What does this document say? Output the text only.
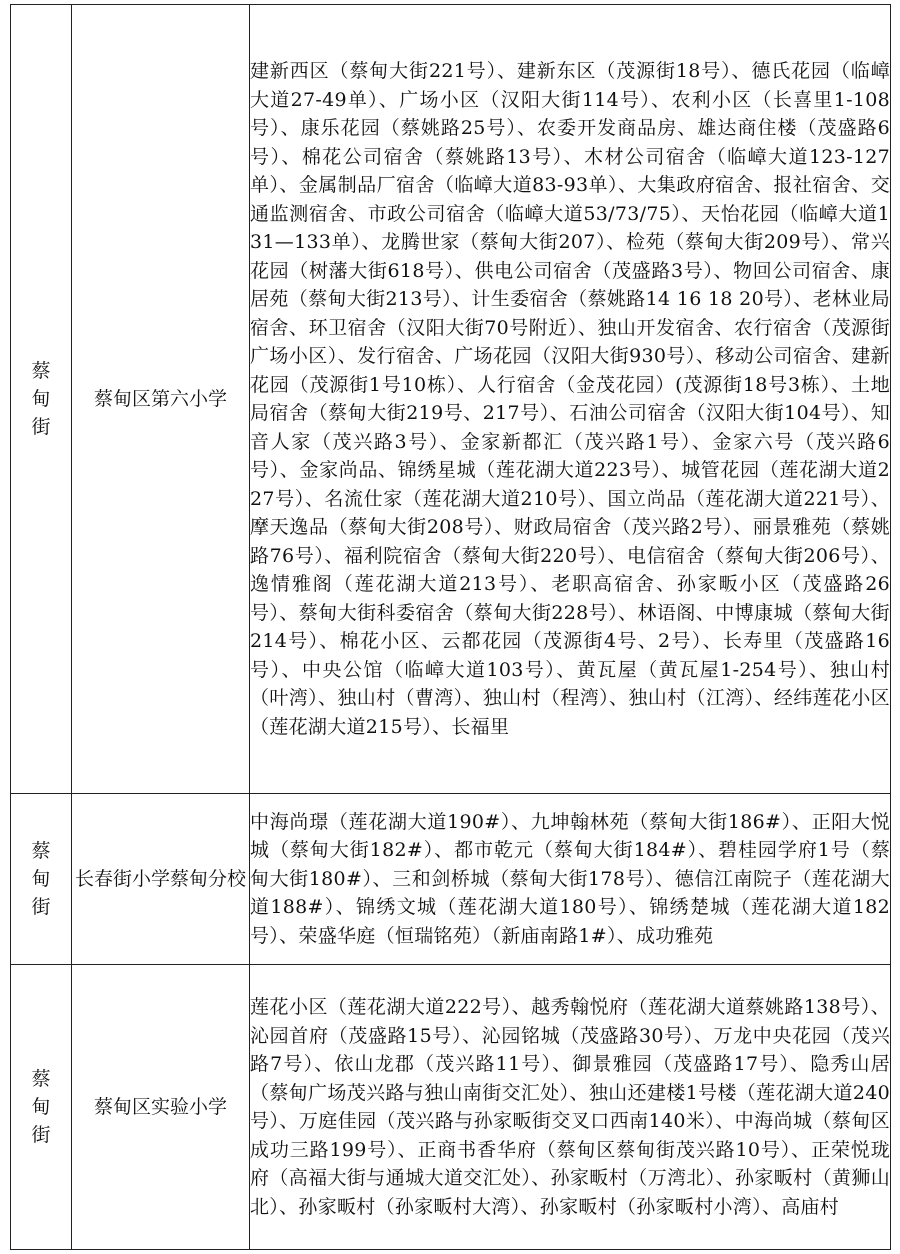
蔡甸街	蔡甸区第六小学	建新西区（蔡甸大街221号）、建新东区（茂源街18号）、德氏花园（临嶂大道27-49单）、广场小区（汉阳大街114号）、农利小区（长喜里1-108号）、康乐花园（蔡姚路25号）、农委开发商品房、雄达商住楼（茂盛路6号）、棉花公司宿舍（蔡姚路13号）、木材公司宿舍（临嶂大道123-127单）、金属制品厂宿舍（临嶂大道83-93单）、大集政府宿舍、报社宿舍、交通监测宿舍、市政公司宿舍（临嶂大道53/73/75）、天怡花园（临嶂大道131—133单）、龙腾世家（蔡甸大街207）、检苑（蔡甸大街209号）、常兴花园（树藩大街618号）、供电公司宿舍（茂盛路3号）、物回公司宿舍、康居苑（蔡甸大街213号）、计生委宿舍（蔡姚路14 16 18 20号）、老林业局宿舍、环卫宿舍（汉阳大街70号附近）、独山开发宿舍、农行宿舍（茂源街广场小区）、发行宿舍、广场花园（汉阳大街930号）、移动公司宿舍、建新花园（茂源街1号10栋）、人行宿舍（金茂花园）(茂源街18号3栋）、土地局宿舍（蔡甸大街219号、217号）、石油公司宿舍（汉阳大街104号）、知音人家（茂兴路3号）、金家新都汇（茂兴路1号）、金家六号（茂兴路6号）、金家尚品、锦绣星城（莲花湖大道223号）、城管花园（莲花湖大道227号）、名流仕家（莲花湖大道210号）、国立尚品（莲花湖大道221号）、摩天逸品（蔡甸大街208号）、财政局宿舍（茂兴路2号）、丽景雅苑（蔡姚路76号）、福利院宿舍（蔡甸大街220号）、电信宿舍（蔡甸大街206号）、逸情雅阁（莲花湖大道213号）、老职高宿舍、孙家畈小区（茂盛路26号）、蔡甸大街科委宿舍（蔡甸大街228号）、林语阁、中博康城（蔡甸大街214号）、棉花小区、云都花园（茂源街4号、2号）、长寿里（茂盛路16号）、中央公馆（临嶂大道103号）、黄瓦屋（黄瓦屋1-254号）、独山村（叶湾）、独山村（曹湾）、独山村（程湾）、独山村（江湾）、经纬莲花小区（莲花湖大道215号）、长福里
蔡甸街	长春街小学蔡甸分校	中海尚璟（莲花湖大道190#）、九坤翰林苑（蔡甸大街186#）、正阳大悦城（蔡甸大街182#）、都市乾元（蔡甸大街184#）、碧桂园学府1号（蔡甸大街180#）、三和剑桥城（蔡甸大街178号）、德信江南院子（莲花湖大道188#）、锦绣文城（莲花湖大道180号）、锦绣楚城（莲花湖大道182号）、荣盛华庭（恒瑞铭苑）（新庙南路1#）、成功雅苑
蔡甸街	蔡甸区实验小学	莲花小区（莲花湖大道222号）、越秀翰悦府（莲花湖大道蔡姚路138号）、沁园首府（茂盛路15号）、沁园铭城（茂盛路30号）、万龙中央花园（茂兴路7号）、依山龙郡（茂兴路11号）、御景雅园（茂盛路17号）、隐秀山居（蔡甸广场茂兴路与独山南街交汇处）、独山还建楼1号楼（莲花湖大道240号）、万庭佳园（茂兴路与孙家畈街交叉口西南140米）、中海尚城（蔡甸区成功三路199号）、正商书香华府（蔡甸区蔡甸街茂兴路10号）、正荣悦珑府（高福大街与通城大道交汇处）、孙家畈村（万湾北）、孙家畈村（黄狮山北）、孙家畈村（孙家畈村大湾）、孙家畈村（孙家畈村小湾）、高庙村
